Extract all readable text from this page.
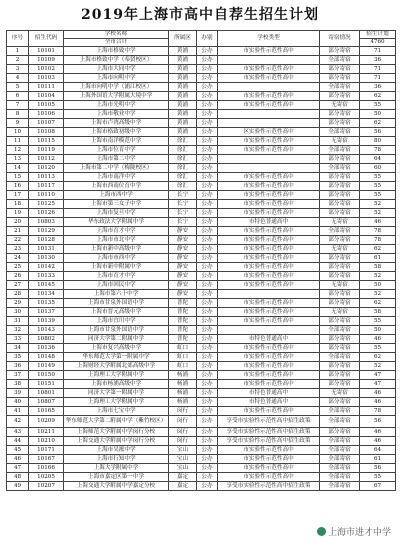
2019年上海市高中自荐生招生计划
序号	招生代码	学校名称	所属区	办别	学校类型	寄宿情况	招生计划
		全市合计					4760
1	10101	上海市格致中学	黄浦	公办	市实验性示范性高中	部分寄宿	71
2	10109	上海市格致中学（奉贤校区）	黄浦	公办		全部寄宿	36
3	10102	上海市大同中学	黄浦	公办	市实验性示范性高中	部分寄宿	71
4	10103	上海市向明中学	黄浦	公办	市实验性示范性高中	部分寄宿	71
5	10111	上海市向明中学（浦江校区）	黄浦	公办		全部寄宿	36
6	10104	上海外国语大学附属大境中学	黄浦	公办	市实验性示范性高中	部分寄宿	62
7	10105	上海市光明中学	黄浦	公办	市实验性示范性高中	无寄宿	55
8	10106	上海市敬业中学	黄浦	公办		部分寄宿	50
9	10107	上海市卢湾高级中学	黄浦	公办		部分寄宿	62
10	10108	上海市格致初级中学	黄浦	公办	区实验性示范性高中	全部寄宿	56
11	10115	上海市南洋模范中学	徐汇	公办	市实验性示范性高中	无寄宿	80
12	10119	上海市位育中学	徐汇	公办	市实验性示范性高中	全部寄宿	78
13	10112	上海市第二中学	徐汇	公办		部分寄宿	64
14	10120	上海市第二中学（梅陇校区）	徐汇	公办		全部寄宿	60
15	10113	上海市南洋中学	徐汇	公办	市实验性示范性高中	部分寄宿	55
16	10117	上海市西南位育中学	徐汇	公办	市实验性示范性高中	部分寄宿	55
17	10110	上海市西中学	长宁	公办	市实验性示范性高中	部分寄宿	55
18	10125	上海市第三女子中学	长宁	公办	市实验性示范性高中	部分寄宿	52
19	10126	上海市复旦中学	长宁	公办	市实验性示范性高中	部分寄宿	52
20	10803	华东政法大学附属中学	长宁	公办	市特色普通高中	无寄宿	46
21	10129	上海市育才中学	静安	公办	市实验性示范性高中	全部寄宿	78
22	10128	上海市市北中学	静安	公办	市实验性示范性高中	部分寄宿	78
23	10131	上海市新中高级中学	静安	公办	市实验性示范性高中	无寄宿	62
24	10130	上海市市西中学	静安	公办	市实验性示范性高中	部分寄宿	61
25	10142	上海市新中附属中学	静安	公办	市实验性示范性高中	部分寄宿	58
26	10133	上海市育才中学	静安	公办	市实验性示范性高中	部分寄宿	52
27	10145	上海市回民中学	静安	公办	市实验性示范性高中	无寄宿	50
28	10134	上海市第六十中学	静安	公办		部分寄宿	52
29	10135	上海市甘泉外国语中学	普陀	公办	市实验性示范性高中	部分寄宿	62
30	10137	上海市晋元高级中学	普陀	公办	市实验性示范性高中	无寄宿	58
31	10139	上海市宜川中学	普陀	公办	市实验性示范性高中	部分寄宿	55
32	10143	上海市甘泉外国语中学	普陀	公办		全部寄宿	50
33	10802	同济大学第二附属中学	普陀	公办	市特色普通高中	部分寄宿	46
34	10136	上海市复兴高级中学	虹口	公办	市实验性示范性高中	部分寄宿	55
35	10148	华东师范大学第一附属中学	虹口	公办	市实验性示范性高中	全部寄宿	62
36	10149	上海财经大学附属北郊高级中学	虹口	公办	市实验性示范性高中	部分寄宿	52
37	10150	上海理工大学附属中学	杨浦	公办	市实验性示范性高中	部分寄宿	47
38	10151	上海市杨浦高级中学	杨浦	公办	市实验性示范性高中	部分寄宿	47
39	10801	同济大学第一附属中学	杨浦	公办	市特色普通高中	无寄宿	46
40	10807	上海理工大学附属中学	杨浦	公办	市特色普通高中	部分寄宿	46
41	10165	上海市七宝中学	闵行	公办	市实验性示范性高中	全部寄宿	78
42	10209	华东师范大学第二附属中学（紫竹校区）	闵行	公办	享受市实验性示范性高中招生政策	全部寄宿	56
43	10211	上海师范大学附属中学闵行分校	闵行	公办	享受市实验性示范性高中招生政策	部分寄宿	46
44	10210	上海交通大学附属中学闵行分校	闵行	公办	享受市实验性示范性高中招生政策	全部寄宿	46
45	10171	上海市吴淞中学	宝山	公办	市实验性示范性高中	全部寄宿	64
46	10167	上海市行知中学	宝山	公办	市实验性示范性高中	全部寄宿	61
47	10166	上海大学附属中学	宝山	公办	市实验性示范性高中	全部寄宿	56
48	10205	上海市嘉定区第一中学	嘉定	公办	市实验性示范性高中	全部寄宿	55
49	10207	上海交通大学附属中学嘉定分校	嘉定	公办	享受市实验性示范性高中招生政策	全部寄宿	67
上海市进才中学
